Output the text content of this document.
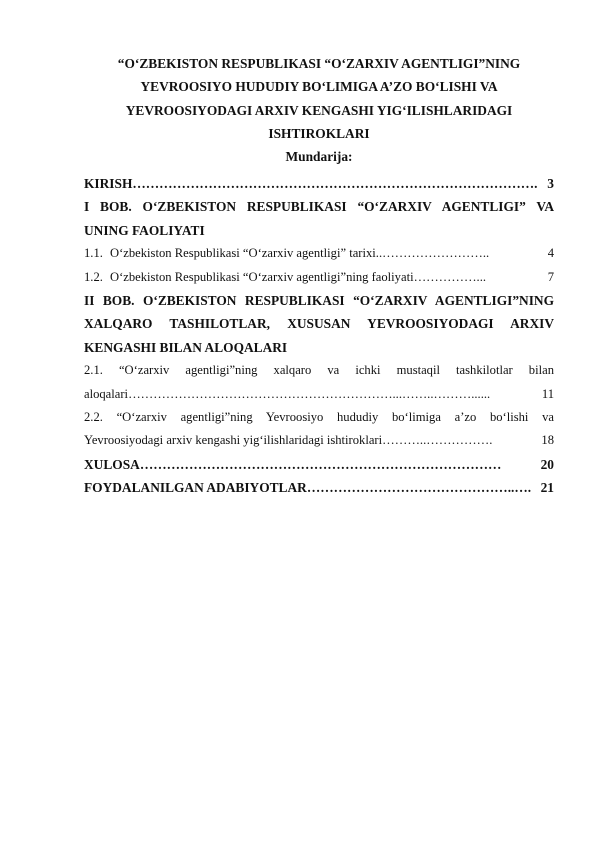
“O‘ZBEKISTON RESPUBLIKASI “O‘ZARXIV AGENTLIGI”NING
YEVROOSIYO HUDUDIY BO‘LIMIGA A’ZO BO‘LISHI VA
YEVROOSIYODAGI ARXIV KENGASHI YIG‘ILISHLARIDAGI
ISHTIROKLARI
Mundarija:
KIRISH ………………………………………………………………………………. 3
I BOB. O‘ZBEKISTON RESPUBLIKASI “O‘ZARXIV AGENTLIGI” VA
UNING FAOLIYATI
1.1. O‘zbekiston Respublikasi “O‘zarxiv agentligi” tarixi.. ……………………..	4
1.2. O‘zbekiston Respublikasi “O‘zarxiv agentligi”ning faoliyati ……………...	7
II BOB. O‘ZBEKISTON RESPUBLIKASI “O‘ZARXIV AGENTLIGI”NING
XALQARO TASHILOTLAR, XUSUSAN YEVROOSIYODAGI ARXIV
KENGASHI BILAN ALOQALARI
2.1. “O‘zarxiv agentligi”ning xalqaro va ichki mustaqil tashkilotlar bilan
aloqalari ………………………………………………………...……..………......	11
2.2. “O‘zarxiv agentligi”ning Yevroosiyo hududiy bo‘limiga a’zo bo‘lishi va
Yevroosiyodagi arxiv kengashi yig‘ilishlaridagi ishtiroklari ………..…………….	18
XULOSA ………………………………………………………………………	20
FOYDALANILGAN ADABIYOTLAR ………………………………………..…. 21
